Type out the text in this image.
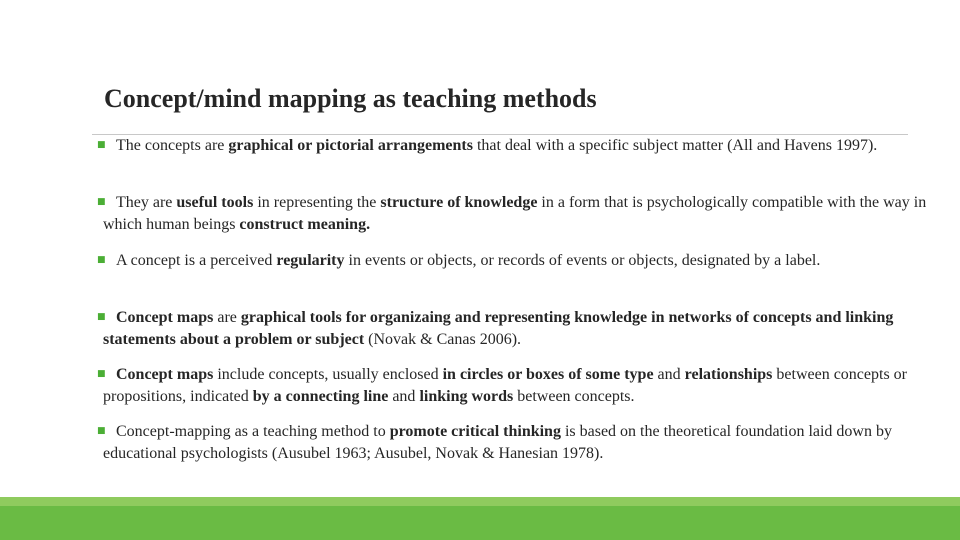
Concept/mind mapping as teaching methods
■ The concepts are graphical or pictorial arrangements that deal with a specific subject matter (All and Havens 1997).
■ They are useful tools in representing the structure of knowledge in a form that is psychologically compatible with the way in which human beings construct meaning.
■ A concept is a perceived regularity in events or objects, or records of events or objects, designated by a label.
■ Concept maps are graphical tools for organizaing and representing knowledge in networks of concepts and linking statements about a problem or subject (Novak & Canas 2006).
■ Concept maps include concepts, usually enclosed in circles or boxes of some type and relationships between concepts or propositions, indicated by a connecting line and linking words between concepts.
■ Concept-mapping as a teaching method to promote critical thinking is based on the theoretical foundation laid down by educational psychologists (Ausubel 1963; Ausubel, Novak & Hanesian 1978).
